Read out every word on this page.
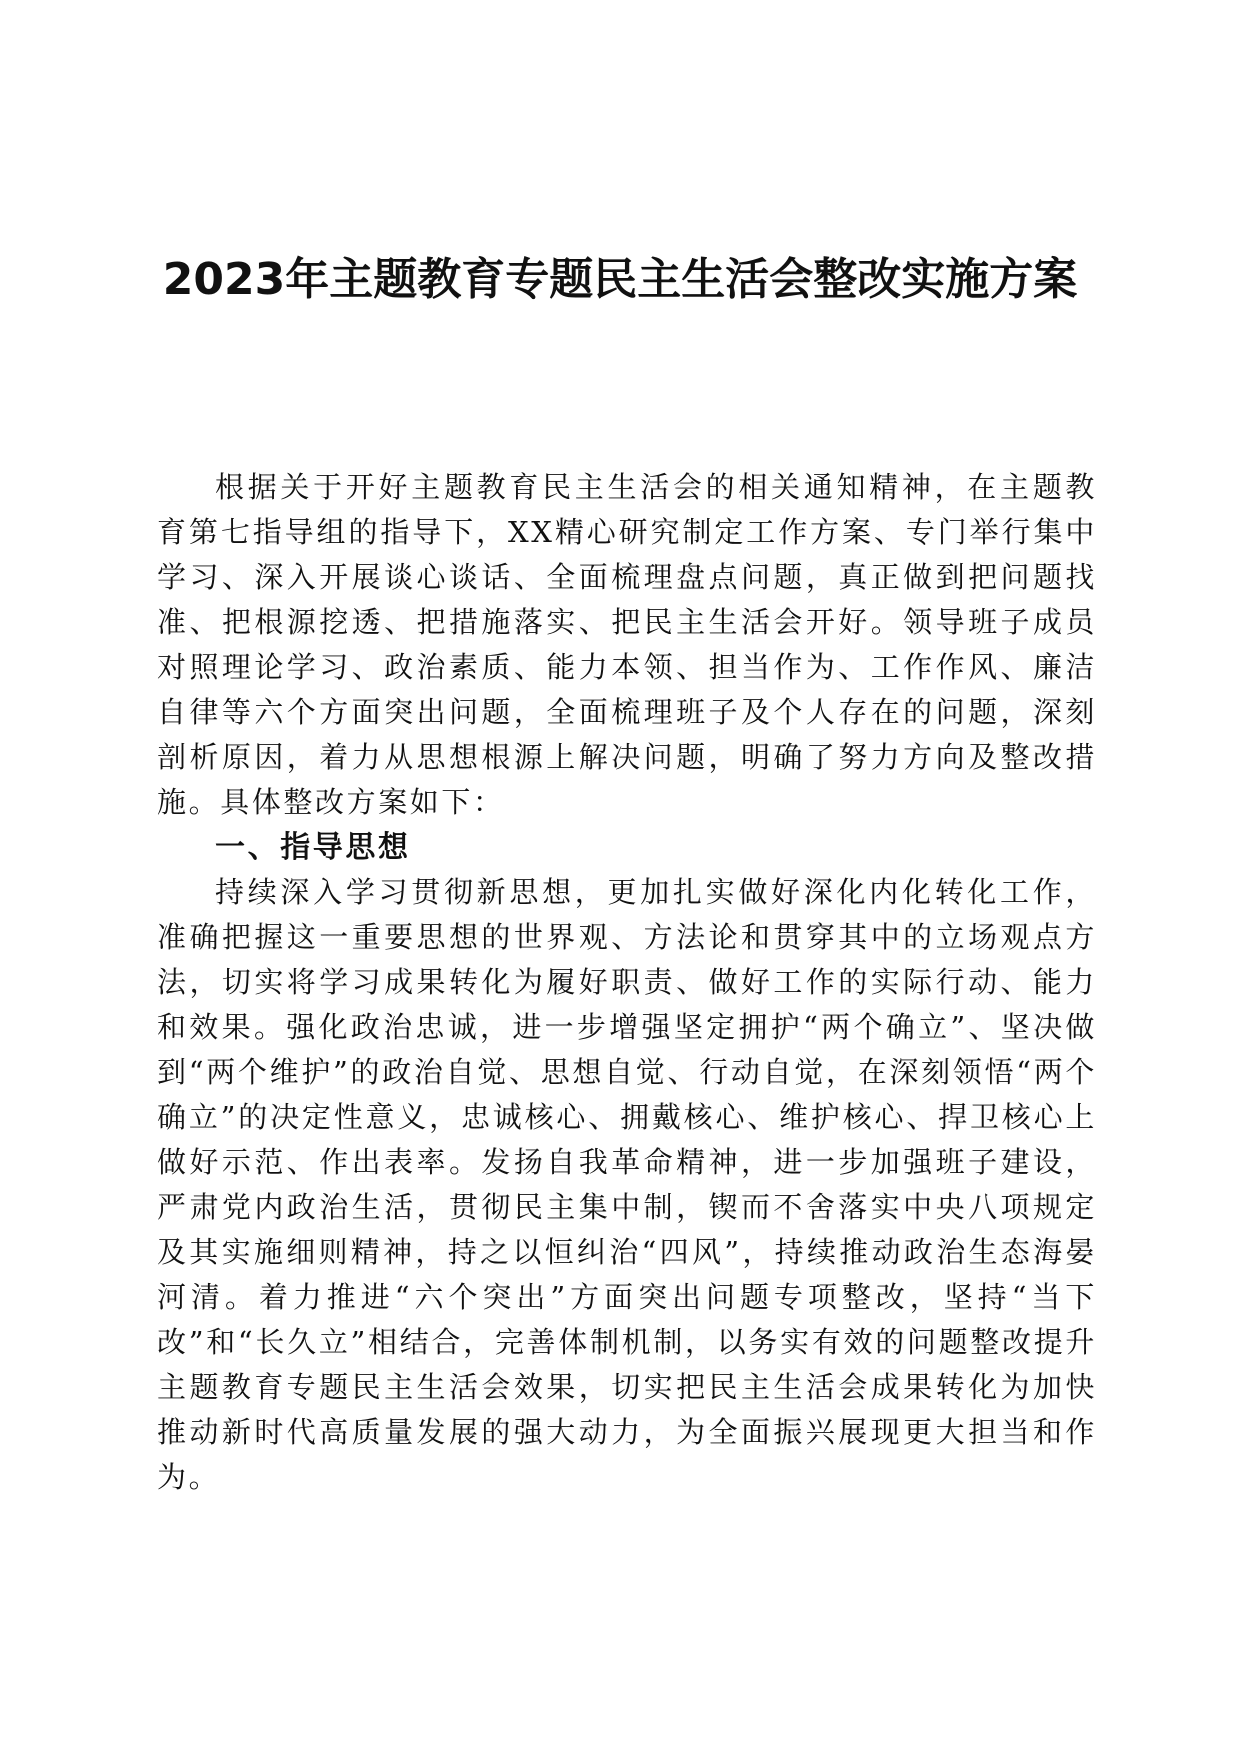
2023年主题教育专题民主生活会整改实施方案

根据关于开好主题教育民主生活会的相关通知精神，在主题教育第七指导组的指导下，XX精心研究制定工作方案、专门举行集中学习、深入开展谈心谈话、全面梳理盘点问题，真正做到把问题找准、把根源挖透、把措施落实、把民主生活会开好。领导班子成员对照理论学习、政治素质、能力本领、担当作为、工作作风、廉洁自律等六个方面突出问题，全面梳理班子及个人存在的问题，深刻剖析原因，着力从思想根源上解决问题，明确了努力方向及整改措施。具体整改方案如下：

一、指导思想

持续深入学习贯彻新思想，更加扎实做好深化内化转化工作，准确把握这一重要思想的世界观、方法论和贯穿其中的立场观点方法，切实将学习成果转化为履好职责、做好工作的实际行动、能力和效果。强化政治忠诚，进一步增强坚定拥护“两个确立”、坚决做到“两个维护”的政治自觉、思想自觉、行动自觉，在深刻领悟“两个确立”的决定性意义，忠诚核心、拥戴核心、维护核心、捍卫核心上做好示范、作出表率。发扬自我革命精神，进一步加强班子建设，严肃党内政治生活，贯彻民主集中制，锲而不舍落实中央八项规定及其实施细则精神，持之以恒纠治“四风”，持续推动政治生态海晏河清。着力推进“六个突出”方面突出问题专项整改，坚持“当下改”和“长久立”相结合，完善体制机制，以务实有效的问题整改提升主题教育专题民主生活会效果，切实把民主生活会成果转化为加快推动新时代高质量发展的强大动力，为全面振兴展现更大担当和作为。
